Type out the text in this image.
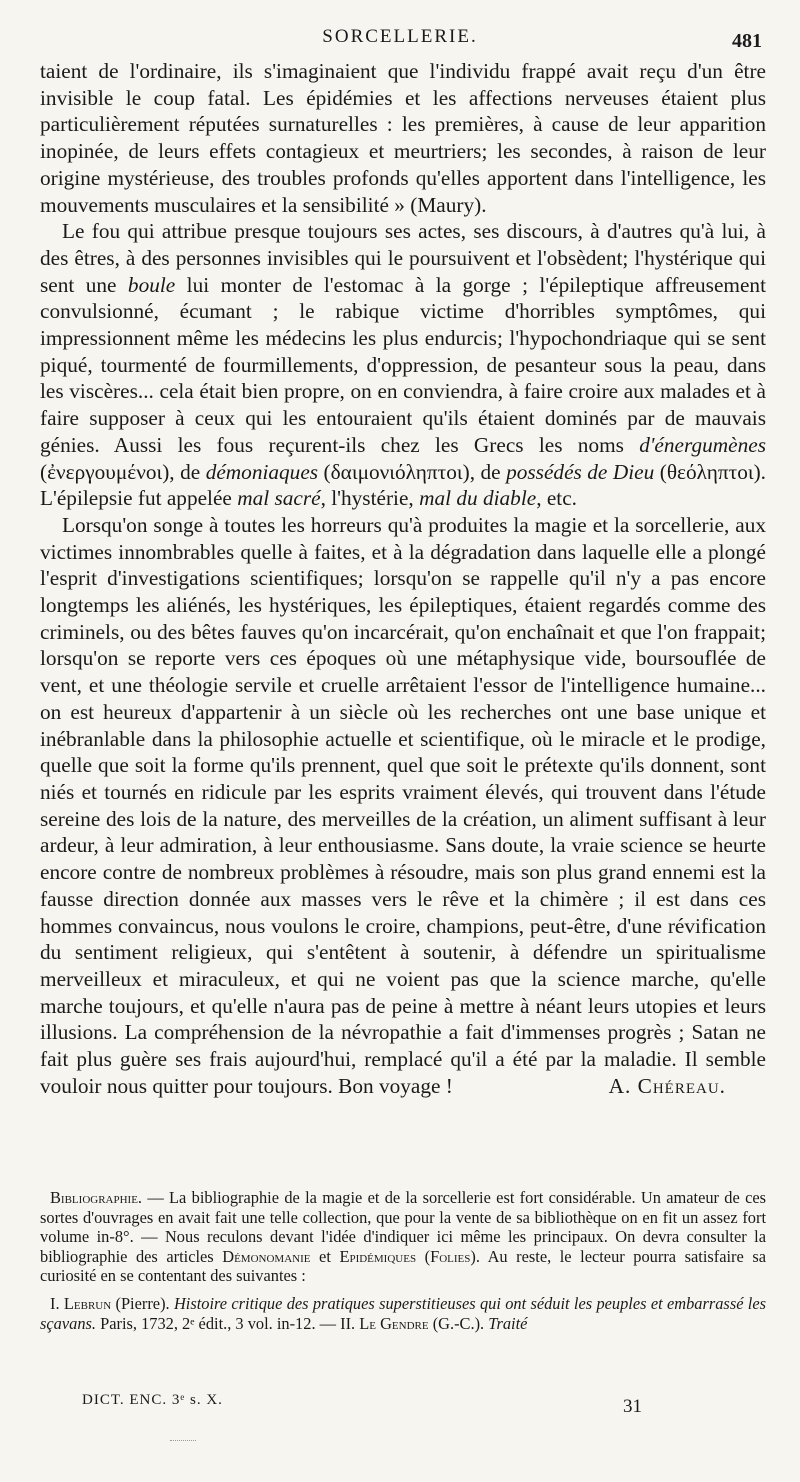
SORCELLERIE.	481

taient de l'ordinaire, ils s'imaginaient que l'individu frappé avait reçu d'un être invisible le coup fatal. Les épidémies et les affections nerveuses étaient plus particulièrement réputées surnaturelles : les premières, à cause de leur apparition inopinée, de leurs effets contagieux et meurtriers; les secondes, à raison de leur origine mystérieuse, des troubles profonds qu'elles apportent dans l'intelligence, les mouvements musculaires et la sensibilité » (Maury).

Le fou qui attribue presque toujours ses actes, ses discours, à d'autres qu'à lui, à des êtres, à des personnes invisibles qui le poursuivent et l'obsèdent; l'hystérique qui sent une boule lui monter de l'estomac à la gorge ; l'épileptique affreusement convulsionné, écumant ; le rabique victime d'horribles symptômes, qui impressionnent même les médecins les plus endurcis; l'hypochondriaque qui se sent piqué, tourmenté de fourmillements, d'oppression, de pesanteur sous la peau, dans les viscères... cela était bien propre, on en conviendra, à faire croire aux malades et à faire supposer à ceux qui les entouraient qu'ils étaient dominés par de mauvais génies. Aussi les fous reçurent-ils chez les Grecs les noms d'énergumènes (ἐνεργουμένοι), de démoniaques (δαιμονιόληπτοι), de possédés de Dieu (θεόληπτοι). L'épilepsie fut appelée mal sacré, l'hystérie, mal du diable, etc.

Lorsqu'on songe à toutes les horreurs qu'à produites la magie et la sorcellerie, aux victimes innombrables quelle à faites, et à la dégradation dans laquelle elle a plongé l'esprit d'investigations scientifiques; lorsqu'on se rappelle qu'il n'y a pas encore longtemps les aliénés, les hystériques, les épileptiques, étaient regardés comme des criminels, ou des bêtes fauves qu'on incarcérait, qu'on enchaînait et que l'on frappait; lorsqu'on se reporte vers ces époques où une métaphysique vide, boursouflée de vent, et une théologie servile et cruelle arrêtaient l'essor de l'intelligence humaine... on est heureux d'appartenir à un siècle où les recherches ont une base unique et inébranlable dans la philosophie actuelle et scientifique, où le miracle et le prodige, quelle que soit la forme qu'ils prennent, quel que soit le prétexte qu'ils donnent, sont niés et tournés en ridicule par les esprits vraiment élevés, qui trouvent dans l'étude sereine des lois de la nature, des merveilles de la création, un aliment suffisant à leur ardeur, à leur admiration, à leur enthousiasme. Sans doute, la vraie science se heurte encore contre de nombreux problèmes à résoudre, mais son plus grand ennemi est la fausse direction donnée aux masses vers le rêve et la chimère ; il est dans ces hommes convaincus, nous voulons le croire, champions, peut-être, d'une révification du sentiment religieux, qui s'entêtent à soutenir, à défendre un spiritualisme merveilleux et miraculeux, et qui ne voient pas que la science marche, qu'elle marche toujours, et qu'elle n'aura pas de peine à mettre à néant leurs utopies et leurs illusions. La compréhension de la névropathie a fait d'immenses progrès ; Satan ne fait plus guère ses frais aujourd'hui, remplacé qu'il a été par la maladie. Il semble vouloir nous quitter pour toujours. Bon voyage !	A. Chéreau.

Bibliographie. — La bibliographie de la magie et de la sorcellerie est fort considérable. Un amateur de ces sortes d'ouvrages en avait fait une telle collection, que pour la vente de sa bibliothèque on en fit un assez fort volume in-8°. — Nous reculons devant l'idée d'indiquer ici même les principaux. On devra consulter la bibliographie des articles Démonomanie et Epidémiques (Folies). Au reste, le lecteur pourra satisfaire sa curiosité en se contentant des suivantes :

I. Lebrun (Pierre). Histoire critique des pratiques superstitieuses qui ont séduit les peuples et embarrassé les sçavans. Paris, 1732, 2ᵉ édit., 3 vol. in-12. — II. Le Gendre (G.-C.). Traité

DICT. ENC. 3ᵉ s. X.	31
